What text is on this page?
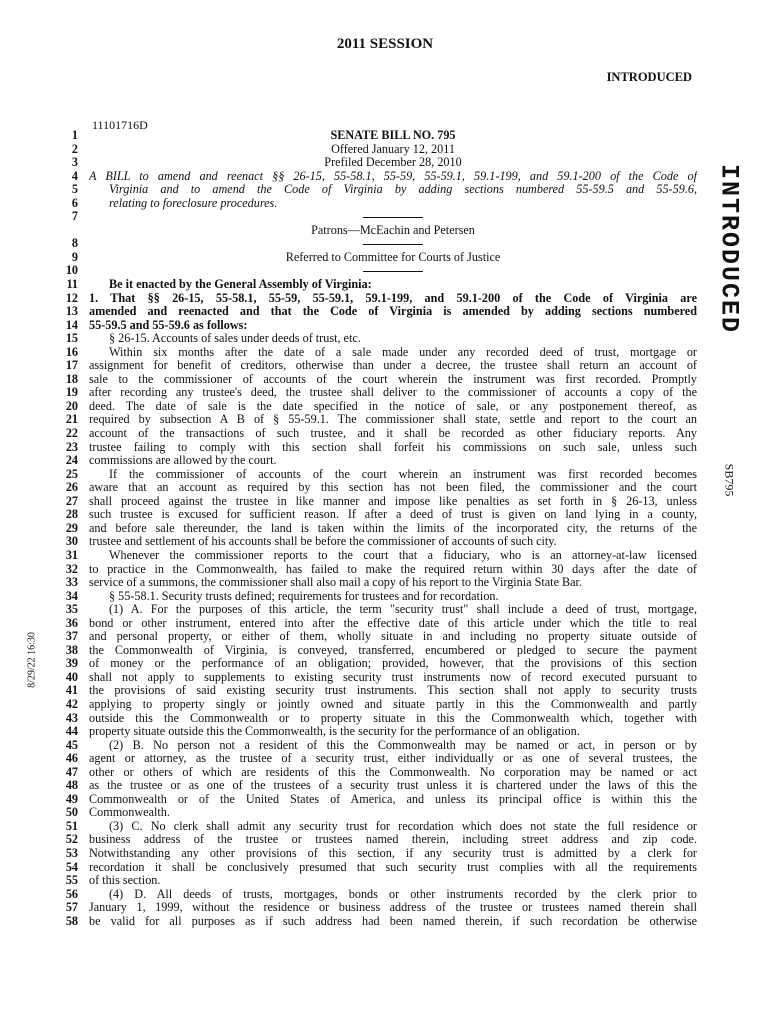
2011 SESSION
INTRODUCED
11101716D
INTRODUCED
SB795
8/29/22 16:30
1	SENATE BILL NO. 795
2	Offered January 12, 2011
3	Prefiled December 28, 2010
4 A BILL to amend and reenact §§ 26-15, 55-58.1, 55-59, 55-59.1, 59.1-199, and 59.1-200 of the Code of
5	Virginia and to amend the Code of Virginia by adding sections numbered 55-59.5 and 55-59.6,
6	relating to foreclosure procedures.
7
Patrons––McEachin and Petersen
8
9	Referred to Committee for Courts of Justice
10
11	Be it enacted by the General Assembly of Virginia:
12 1. That §§ 26-15, 55-58.1, 55-59, 55-59.1, 59.1-199, and 59.1-200 of the Code of Virginia are
13 amended and reenacted and that the Code of Virginia is amended by adding sections numbered
14 55-59.5 and 55-59.6 as follows:
15	§ 26-15. Accounts of sales under deeds of trust, etc.
16	Within six months after the date of a sale made under any recorded deed of trust, mortgage or
17 assignment for benefit of creditors, otherwise than under a decree, the trustee shall return an account of
18 sale to the commissioner of accounts of the court wherein the instrument was first recorded. Promptly
19 after recording any trustee's deed, the trustee shall deliver to the commissioner of accounts a copy of the
20 deed. The date of sale is the date specified in the notice of sale, or any postponement thereof, as
21 required by subsection A B of § 55-59.1. The commissioner shall state, settle and report to the court an
22 account of the transactions of such trustee, and it shall be recorded as other fiduciary reports. Any
23 trustee failing to comply with this section shall forfeit his commissions on such sale, unless such
24 commissions are allowed by the court.
25	If the commissioner of accounts of the court wherein an instrument was first recorded becomes
26 aware that an account as required by this section has not been filed, the commissioner and the court
27 shall proceed against the trustee in like manner and impose like penalties as set forth in § 26-13, unless
28 such trustee is excused for sufficient reason. If after a deed of trust is given on land lying in a county,
29 and before sale thereunder, the land is taken within the limits of the incorporated city, the returns of the
30 trustee and settlement of his accounts shall be before the commissioner of accounts of such city.
31	Whenever the commissioner reports to the court that a fiduciary, who is an attorney-at-law licensed
32 to practice in the Commonwealth, has failed to make the required return within 30 days after the date of
33 service of a summons, the commissioner shall also mail a copy of his report to the Virginia State Bar.
34	§ 55-58.1. Security trusts defined; requirements for trustees and for recordation.
35	(1) A. For the purposes of this article, the term "security trust" shall include a deed of trust, mortgage,
36 bond or other instrument, entered into after the effective date of this article under which the title to real
37 and personal property, or either of them, wholly situate in and including no property situate outside of
38 the Commonwealth of Virginia, is conveyed, transferred, encumbered or pledged to secure the payment
39 of money or the performance of an obligation; provided, however, that the provisions of this section
40 shall not apply to supplements to existing security trust instruments now of record executed pursuant to
41 the provisions of said existing security trust instruments. This section shall not apply to security trusts
42 applying to property singly or jointly owned and situate partly in this the Commonwealth and partly
43 outside this the Commonwealth or to property situate in this the Commonwealth which, together with
44 property situate outside this the Commonwealth, is the security for the performance of an obligation.
45	(2) B. No person not a resident of this the Commonwealth may be named or act, in person or by
46 agent or attorney, as the trustee of a security trust, either individually or as one of several trustees, the
47 other or others of which are residents of this the Commonwealth. No corporation may be named or act
48 as the trustee or as one of the trustees of a security trust unless it is chartered under the laws of this the
49 Commonwealth or of the United States of America, and unless its principal office is within this the
50 Commonwealth.
51	(3) C. No clerk shall admit any security trust for recordation which does not state the full residence or
52 business address of the trustee or trustees named therein, including street address and zip code.
53 Notwithstanding any other provisions of this section, if any security trust is admitted by a clerk for
54 recordation it shall be conclusively presumed that such security trust complies with all the requirements
55 of this section.
56	(4) D. All deeds of trusts, mortgages, bonds or other instruments recorded by the clerk prior to
57 January 1, 1999, without the residence or business address of the trustee or trustees named therein shall
58 be valid for all purposes as if such address had been named therein, if such recordation be otherwise
